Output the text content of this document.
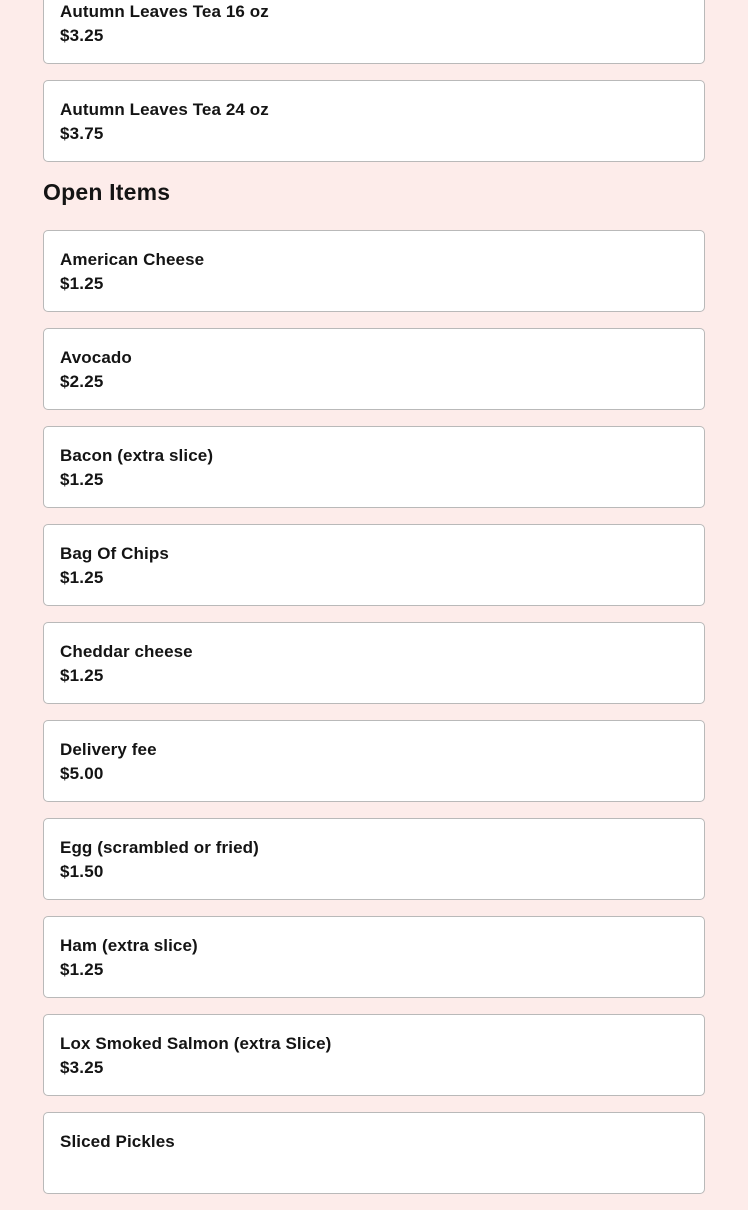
Autumn Leaves Tea 16 oz
$3.25
Autumn Leaves Tea 24 oz
$3.75
Open Items
American Cheese
$1.25
Avocado
$2.25
Bacon (extra slice)
$1.25
Bag Of Chips
$1.25
Cheddar cheese
$1.25
Delivery fee
$5.00
Egg (scrambled or fried)
$1.50
Ham (extra slice)
$1.25
Lox Smoked Salmon (extra Slice)
$3.25
Sliced Pickles
